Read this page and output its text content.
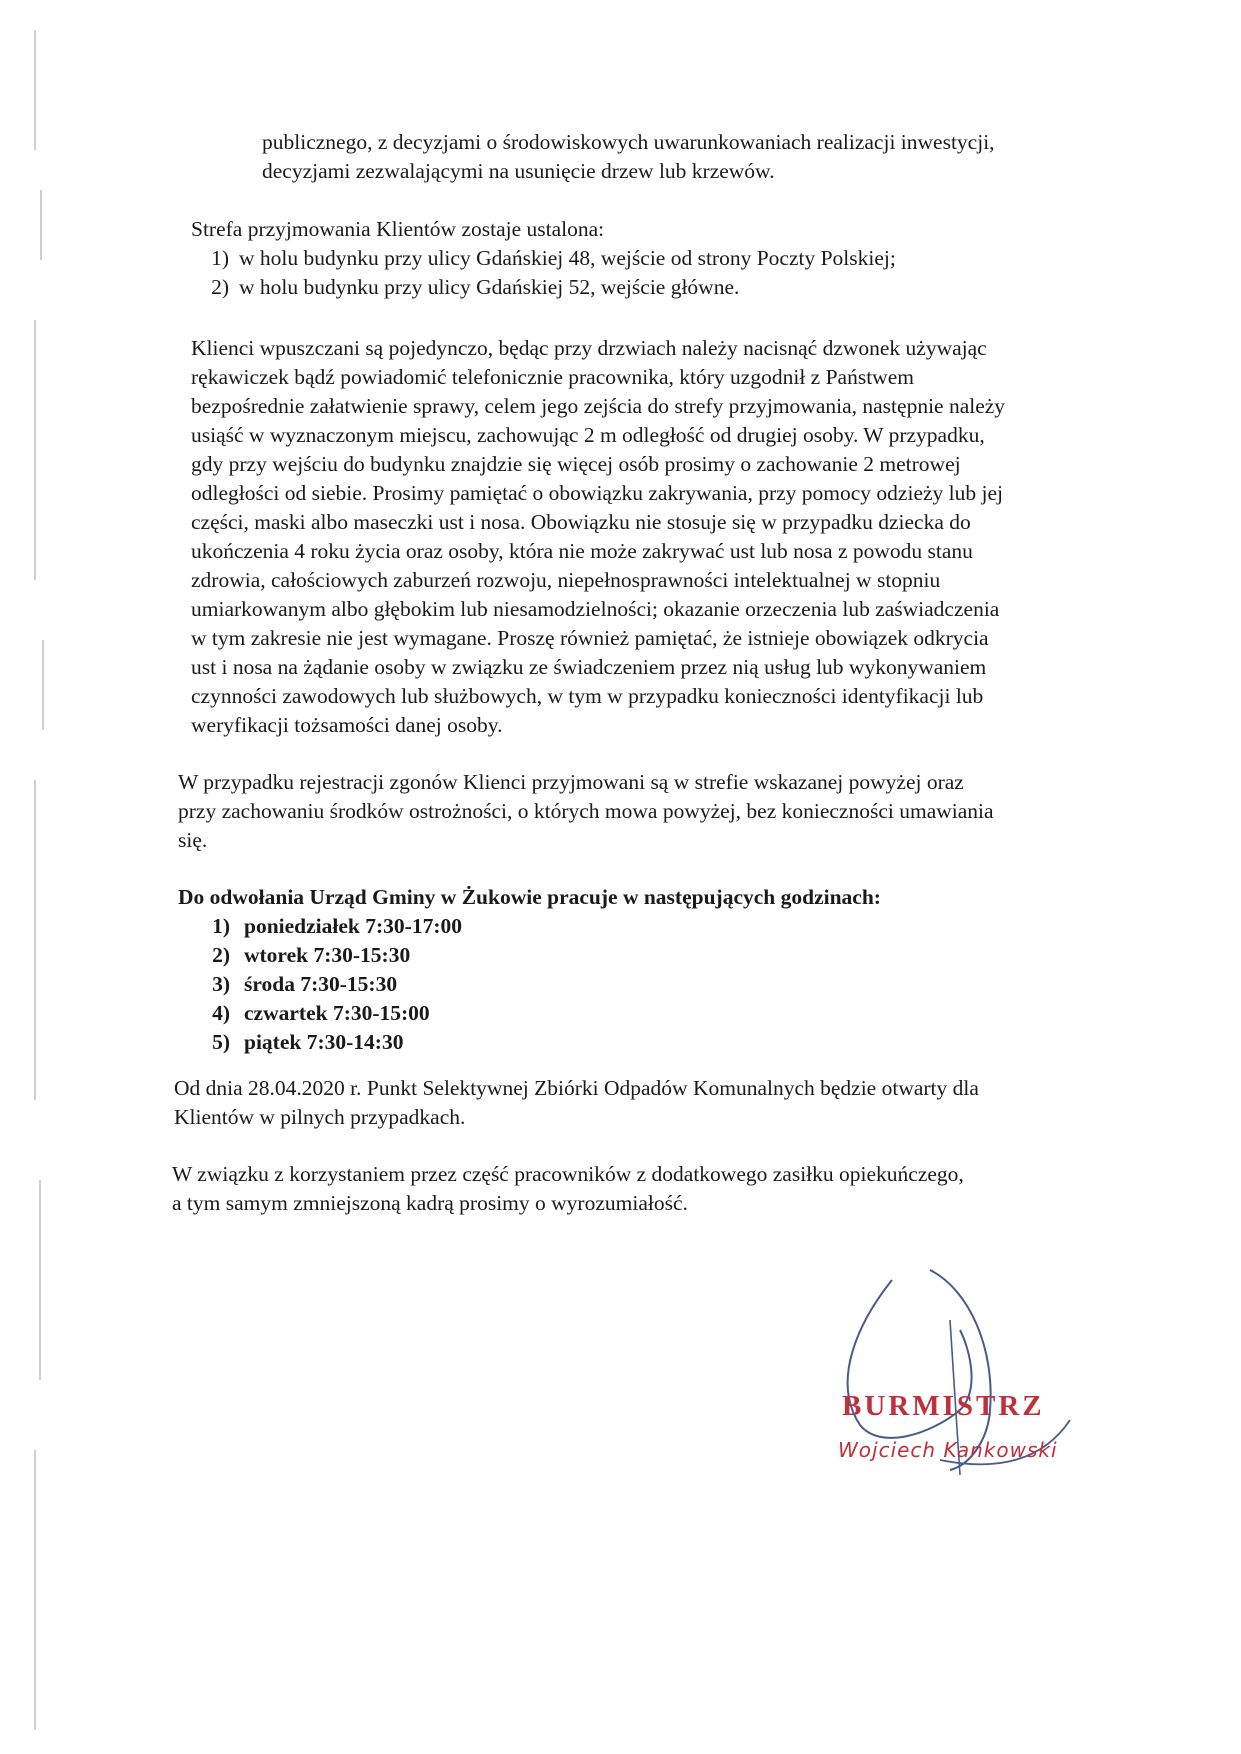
publicznego, z decyzjami o środowiskowych uwarunkowaniach realizacji inwestycji,
decyzjami zezwalającymi na usunięcie drzew lub krzewów.

Strefa przyjmowania Klientów zostaje ustalona:

1) w holu budynku przy ulicy Gdańskiej 48, wejście od strony Poczty Polskiej;
2) w holu budynku przy ulicy Gdańskiej 52, wejście główne.

Klienci wpuszczani są pojedynczo, będąc przy drzwiach należy nacisnąć dzwonek używając
rękawiczek bądź powiadomić telefonicznie pracownika, który uzgodnił z Państwem
bezpośrednie załatwienie sprawy, celem jego zejścia do strefy przyjmowania, następnie należy
usiąść w wyznaczonym miejscu, zachowując 2 m odległość od drugiej osoby. W przypadku,
gdy przy wejściu do budynku znajdzie się więcej osób prosimy o zachowanie 2 metrowej
odległości od siebie. Prosimy pamiętać o obowiązku zakrywania, przy pomocy odzieży lub jej
części, maski albo maseczki ust i nosa. Obowiązku nie stosuje się w przypadku dziecka do
ukończenia 4 roku życia oraz osoby, która nie może zakrywać ust lub nosa z powodu stanu
zdrowia, całościowych zaburzeń rozwoju, niepełnosprawności intelektualnej w stopniu
umiarkowanym albo głębokim lub niesamodzielności; okazanie orzeczenia lub zaświadczenia
w tym zakresie nie jest wymagane. Proszę również pamiętać, że istnieje obowiązek odkrycia
ust i nosa na żądanie osoby w związku ze świadczeniem przez nią usług lub wykonywaniem
czynności zawodowych lub służbowych, w tym w przypadku konieczności identyfikacji lub
weryfikacji tożsamości danej osoby.

W przypadku rejestracji zgonów Klienci przyjmowani są w strefie wskazanej powyżej oraz
przy zachowaniu środków ostrożności, o których mowa powyżej, bez konieczności umawiania
się.

Do odwołania Urząd Gminy w Żukowie pracuje w następujących godzinach:

1) poniedziałek 7:30-17:00
2) wtorek 7:30-15:30
3) środa 7:30-15:30
4) czwartek 7:30-15:00
5) piątek 7:30-14:30

Od dnia 28.04.2020 r. Punkt Selektywnej Zbiórki Odpadów Komunalnych będzie otwarty dla
Klientów w pilnych przypadkach.

W związku z korzystaniem przez część pracowników z dodatkowego zasiłku opiekuńczego,
a tym samym zmniejszoną kadrą prosimy o wyrozumiałość.

BURMISTRZ
Wojciech Kankowski
